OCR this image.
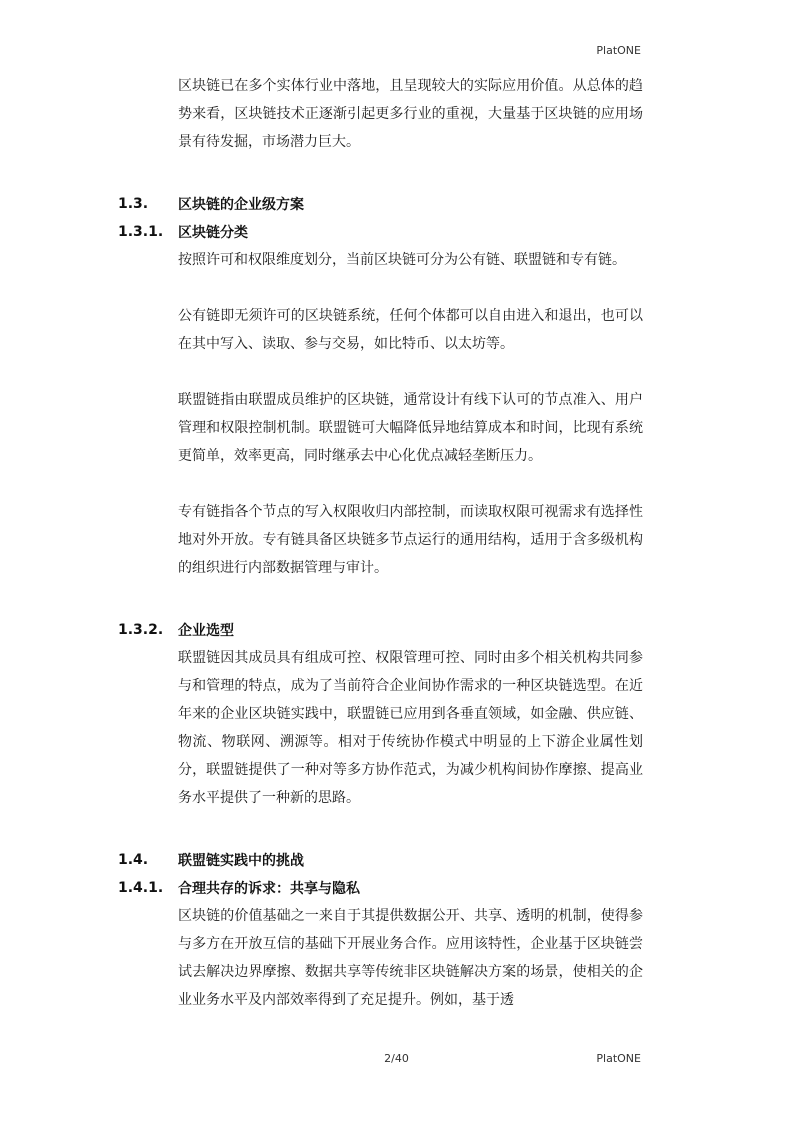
PlatONE

区块链已在多个实体行业中落地，且呈现较大的实际应用价值。从总体的趋势来看，区块链技术正逐渐引起更多行业的重视，大量基于区块链的应用场景有待发掘，市场潜力巨大。

1.3.	区块链的企业级方案
1.3.1.	区块链分类

按照许可和权限维度划分，当前区块链可分为公有链、联盟链和专有链。

公有链即无须许可的区块链系统，任何个体都可以自由进入和退出，也可以在其中写入、读取、参与交易，如比特币、以太坊等。

联盟链指由联盟成员维护的区块链，通常设计有线下认可的节点准入、用户管理和权限控制机制。联盟链可大幅降低异地结算成本和时间，比现有系统更简单，效率更高，同时继承去中心化优点减轻垄断压力。

专有链指各个节点的写入权限收归内部控制，而读取权限可视需求有选择性地对外开放。专有链具备区块链多节点运行的通用结构，适用于含多级机构的组织进行内部数据管理与审计。

1.3.2.	企业选型

联盟链因其成员具有组成可控、权限管理可控、同时由多个相关机构共同参与和管理的特点，成为了当前符合企业间协作需求的一种区块链选型。在近年来的企业区块链实践中，联盟链已应用到各垂直领域，如金融、供应链、物流、物联网、溯源等。相对于传统协作模式中明显的上下游企业属性划分，联盟链提供了一种对等多方协作范式，为减少机构间协作摩擦、提高业务水平提供了一种新的思路。

1.4.	联盟链实践中的挑战
1.4.1.	合理共存的诉求：共享与隐私

区块链的价值基础之一来自于其提供数据公开、共享、透明的机制，使得参与多方在开放互信的基础下开展业务合作。应用该特性，企业基于区块链尝试去解决边界摩擦、数据共享等传统非区块链解决方案的场景，使相关的企业业务水平及内部效率得到了充足提升。例如，基于透

2/40	PlatONE
